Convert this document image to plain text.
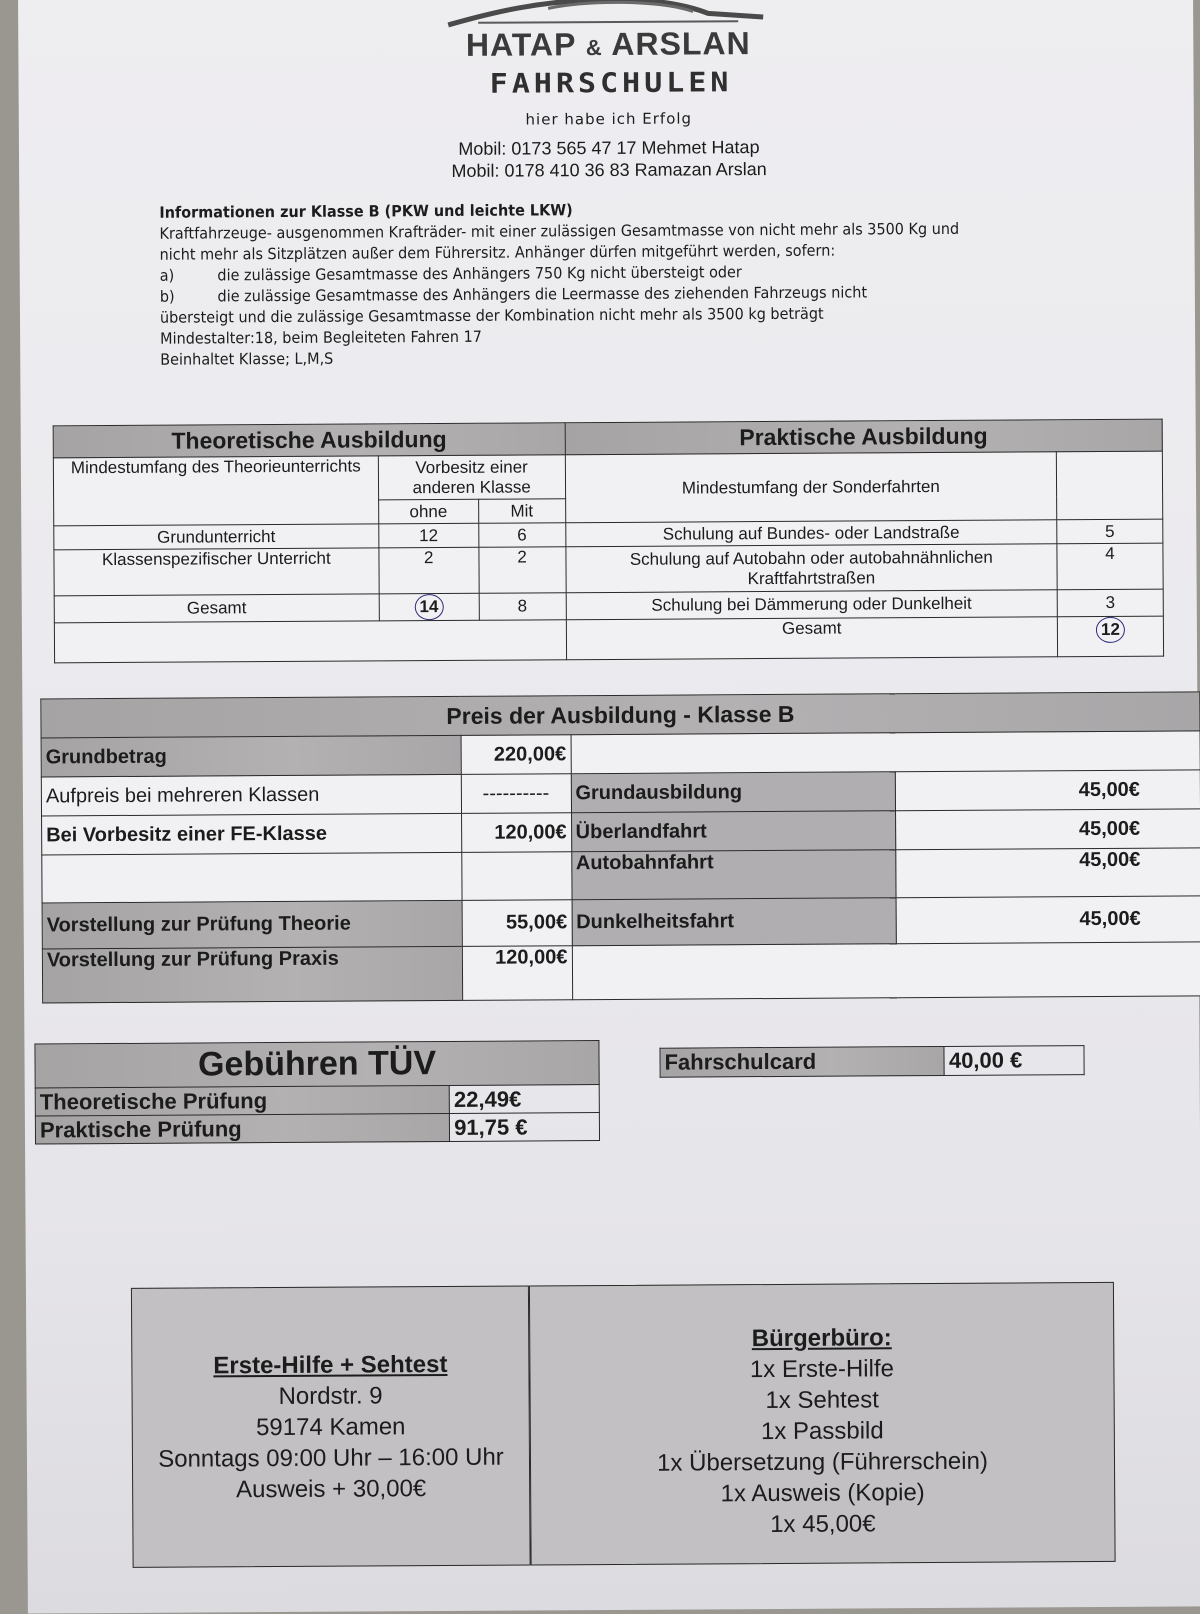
HATAP & ARSLAN
FAHRSCHULEN
hier habe ich Erfolg
Mobil: 0173 565 47 17 Mehmet Hatap
Mobil: 0178 410 36 83 Ramazan Arslan
Informationen zur Klasse B (PKW und leichte LKW)
Kraftfahrzeuge- ausgenommen Krafträder- mit einer zulässigen Gesamtmasse von nicht mehr als 3500 Kg und nicht mehr als Sitzplätzen außer dem Führersitz. Anhänger dürfen mitgeführt werden, sofern:
a)	die zulässige Gesamtmasse des Anhängers 750 Kg nicht übersteigt oder
b)	die zulässige Gesamtmasse des Anhängers die Leermasse des ziehenden Fahrzeugs nicht
übersteigt und die zulässige Gesamtmasse der Kombination nicht mehr als 3500 kg beträgt
Mindestalter:18, beim Begleiteten Fahren 17
Beinhaltet Klasse; L,M,S
Theoretische Ausbildung			Praktische Ausbildung	
Mindestumfang des Theorieunterrichts	Vorbesitz einer anderen Klasse		Mindestumfang der Sonderfahrten	
	ohne	Mit		
Grundunterricht	12	6	Schulung auf Bundes- oder Landstraße	5
Klassenspezifischer Unterricht	2	2	Schulung auf Autobahn oder autobahnähnlichen Kraftfahrtstraßen	4
Gesamt	14	8	Schulung bei Dämmerung oder Dunkelheit	3
			Gesamt	12
Preis der Ausbildung - Klasse B			
Grundbetrag	220,00€		
Aufpreis bei mehreren Klassen	----------	Grundausbildung	45,00€
Bei Vorbesitz einer FE-Klasse	120,00€	Überlandfahrt	45,00€
		Autobahnfahrt	45,00€
Vorstellung zur Prüfung Theorie	55,00€	Dunkelheitsfahrt	45,00€
Vorstellung zur Prüfung Praxis	120,00€		
Gebühren TÜV	
Theoretische Prüfung	22,49€
Praktische Prüfung	91,75 €
Fahrschulcard	40,00 €
Erste-Hilfe + Sehtest
Nordstr. 9
59174 Kamen
Sonntags 09:00 Uhr – 16:00 Uhr
Ausweis + 30,00€
Bürgerbüro:
1x Erste-Hilfe
1x Sehtest
1x Passbild
1x Übersetzung (Führerschein)
1x Ausweis (Kopie)
1x 45,00€
